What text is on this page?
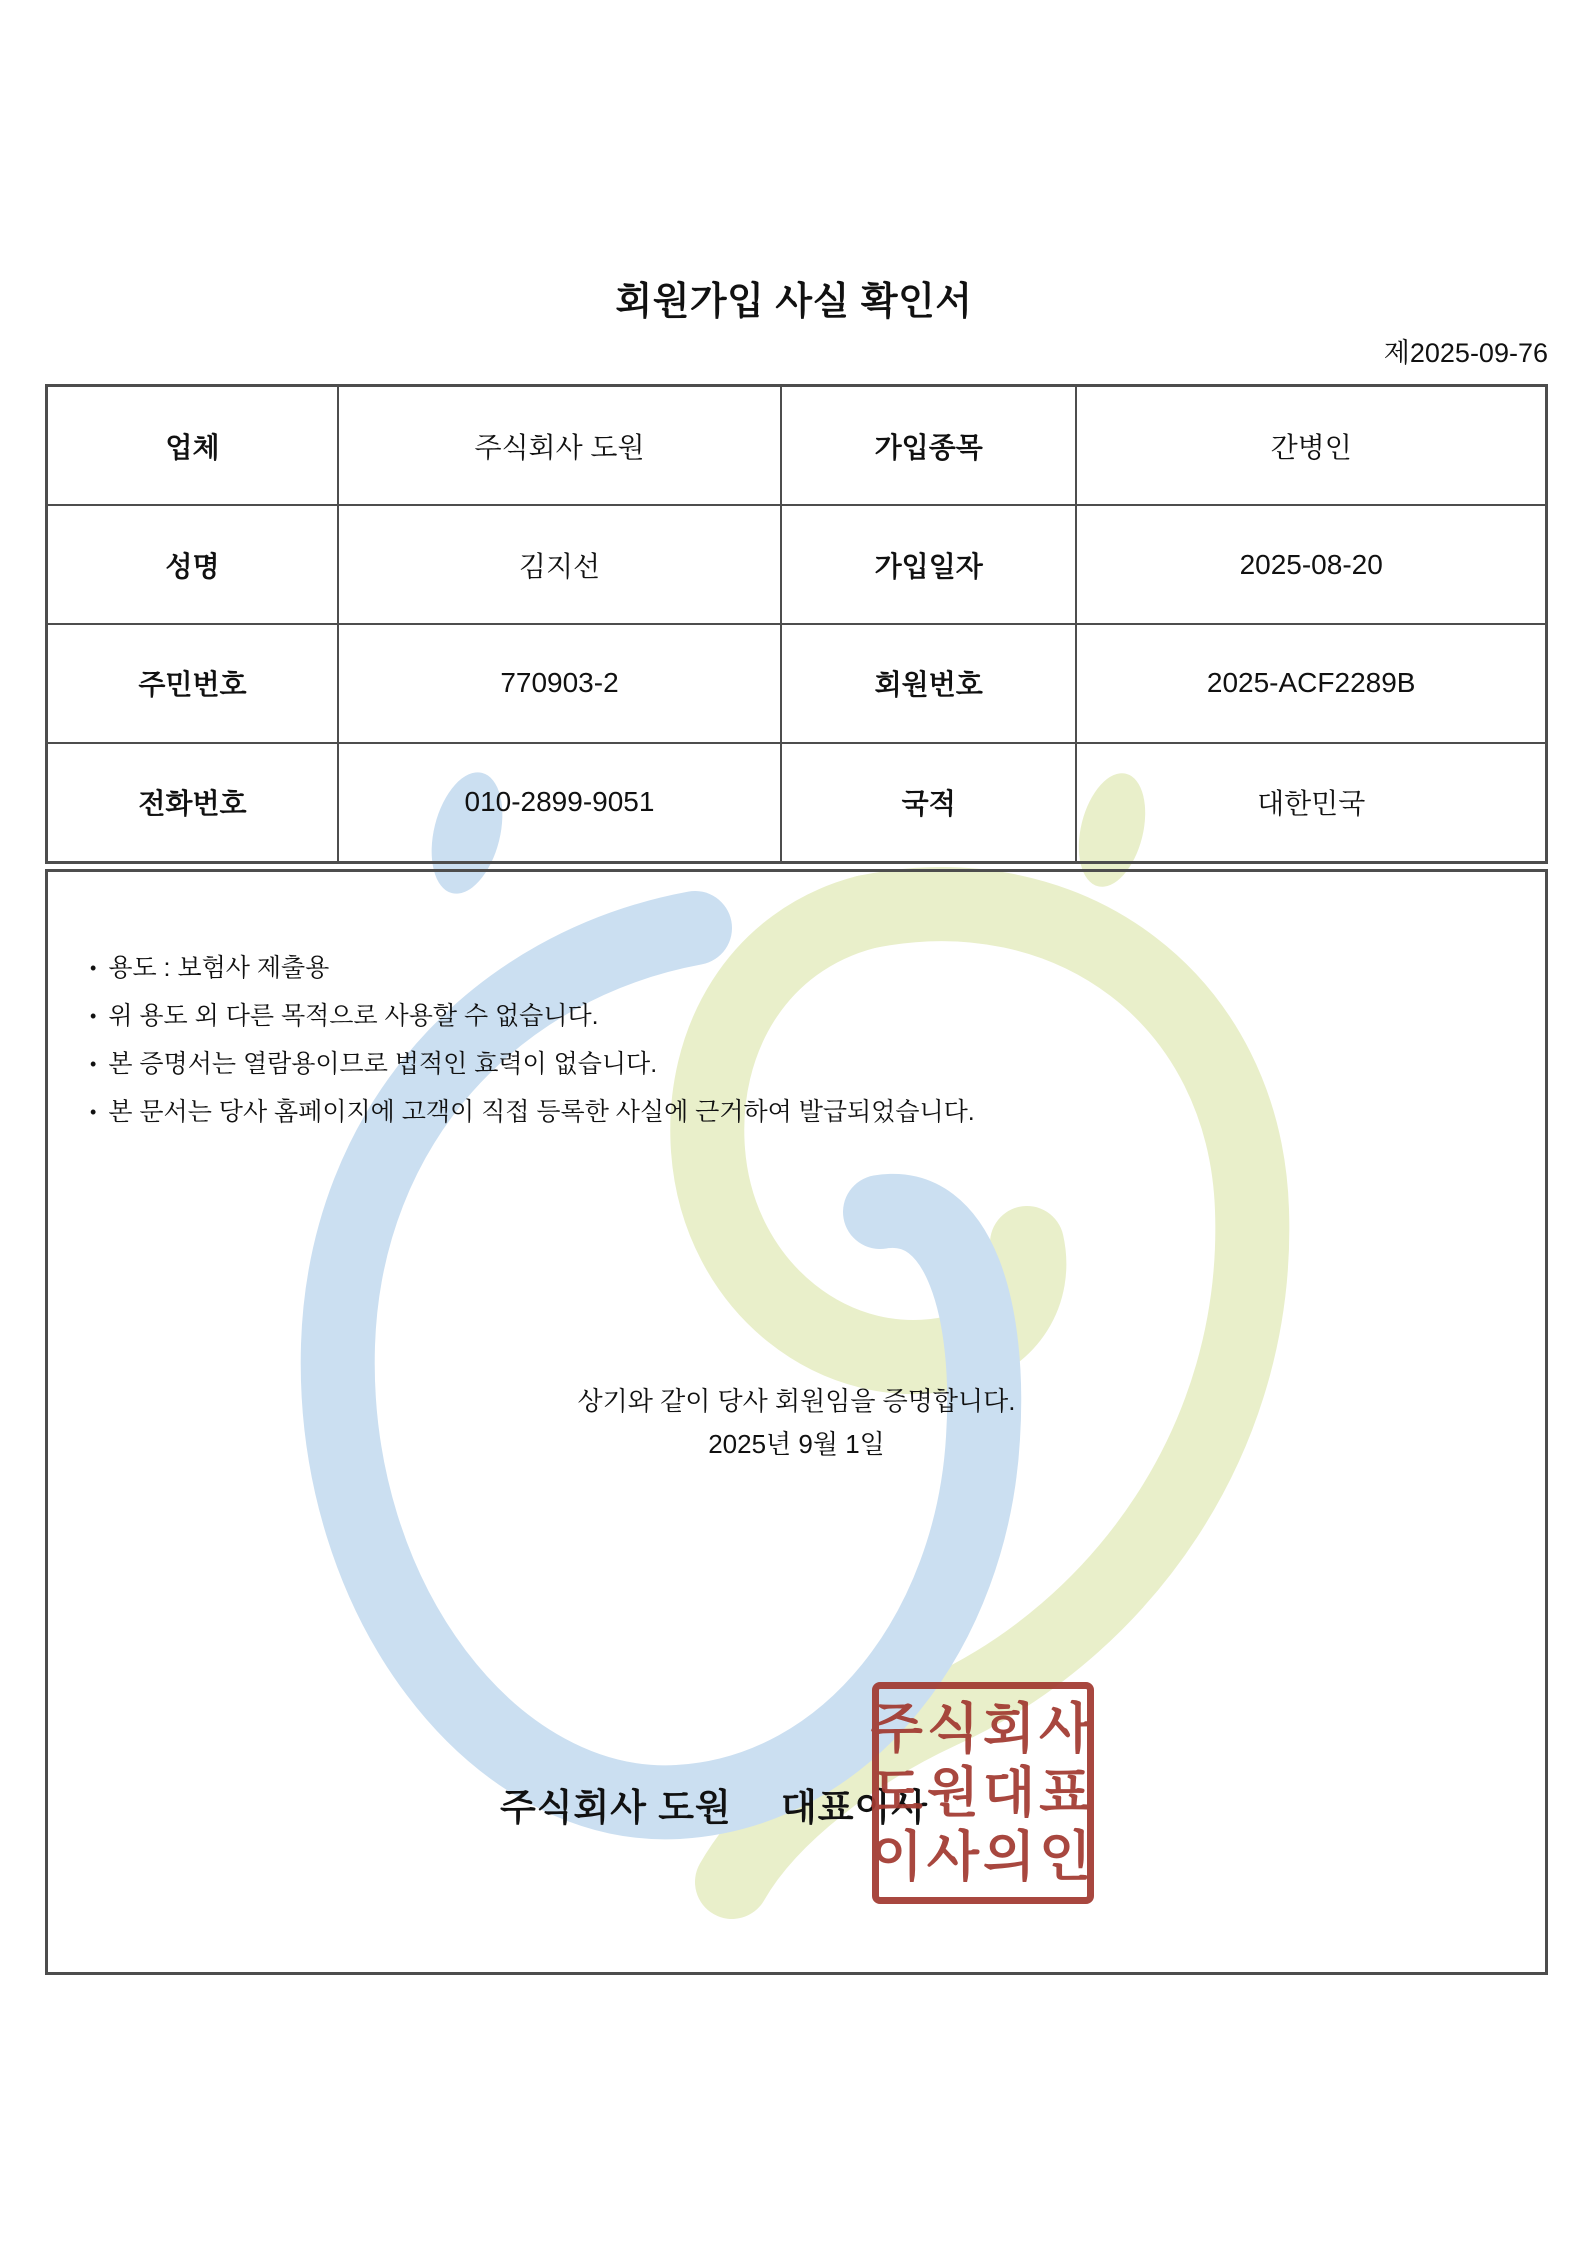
회원가입 사실 확인서
제2025-09-76
업체	주식회사 도원	가입종목	간병인
성명	김지선	가입일자	2025-08-20
주민번호	770903-2	회원번호	2025-ACF2289B
전화번호	010-2899-9051	국적	대한민국
• 용도 : 보험사 제출용
• 위 용도 외 다른 목적으로 사용할 수 없습니다.
• 본 증명서는 열람용이므로 법적인 효력이 없습니다.
• 본 문서는 당사 홈페이지에 고객이 직접 등록한 사실에 근거하여 발급되었습니다.
상기와 같이 당사 회원임을 증명합니다.
2025년 9월 1일
주식회사 도원　 대표이사
주식회사
도원대표
이사의인
